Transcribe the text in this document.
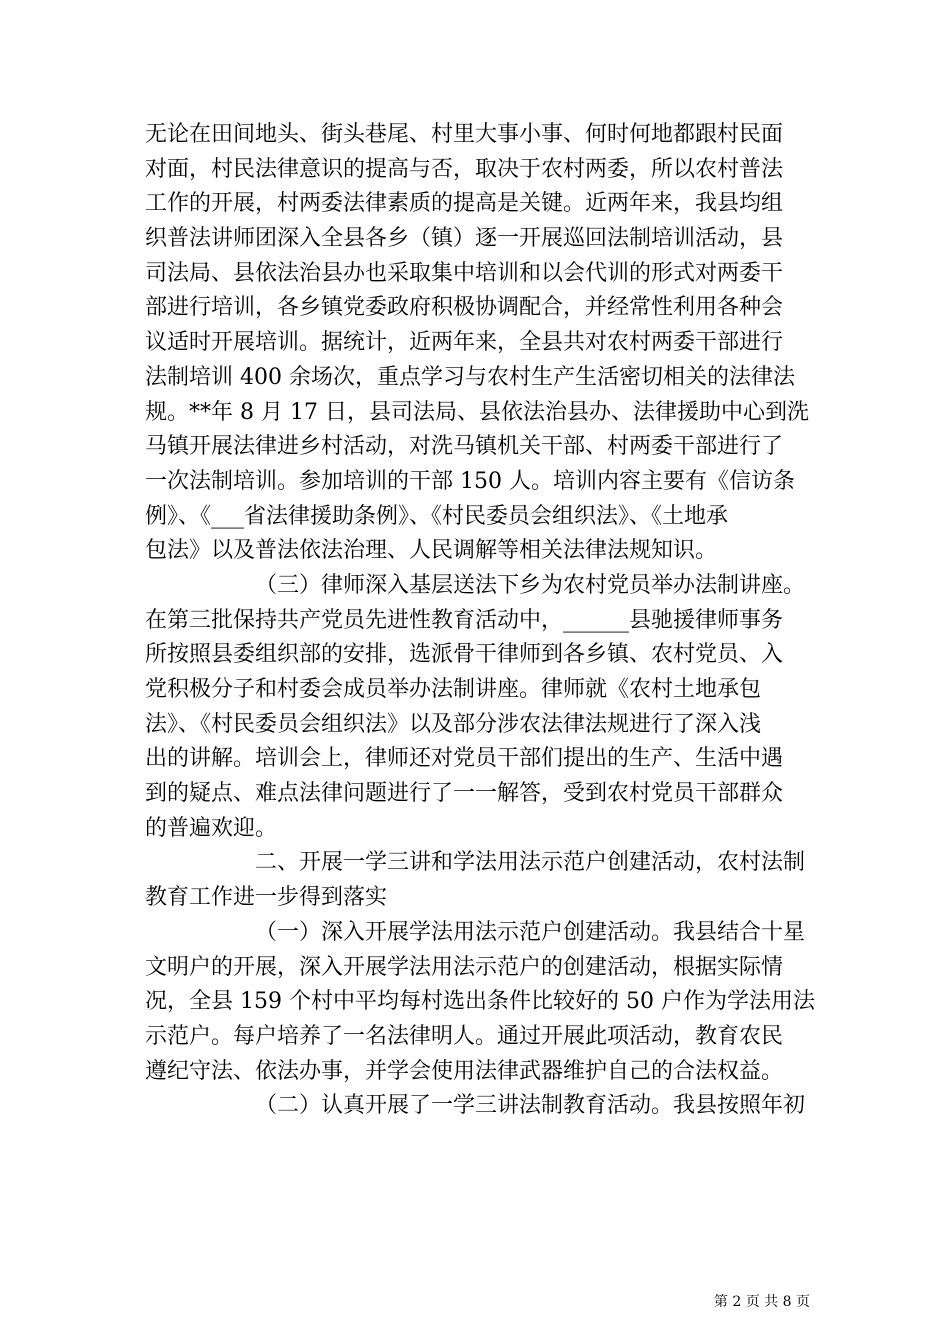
无论在田间地头、街头巷尾、村里大事小事、何时何地都跟村民面
对面，村民法律意识的提高与否，取决于农村两委，所以农村普法
工作的开展，村两委法律素质的提高是关键。近两年来，我县均组
织普法讲师团深入全县各乡（镇）逐一开展巡回法制培训活动，县
司法局、县依法治县办也采取集中培训和以会代训的形式对两委干
部进行培训，各乡镇党委政府积极协调配合，并经常性利用各种会
议适时开展培训。据统计，近两年来，全县共对农村两委干部进行
法制培训 400 余场次，重点学习与农村生产生活密切相关的法律法
规。**年 8 月 17 日，县司法局、县依法治县办、法律援助中心到洗
马镇开展法律进乡村活动，对洗马镇机关干部、村两委干部进行了
一次法制培训。参加培训的干部 150 人。培训内容主要有《信访条
例》、《___省法律援助条例》、《村民委员会组织法》、《土地承
包法》以及普法依法治理、人民调解等相关法律法规知识。
（三）律师深入基层送法下乡为农村党员举办法制讲座。
在第三批保持共产党员先进性教育活动中，______县驰援律师事务
所按照县委组织部的安排，选派骨干律师到各乡镇、农村党员、入
党积极分子和村委会成员举办法制讲座。律师就《农村土地承包
法》、《村民委员会组织法》以及部分涉农法律法规进行了深入浅
出的讲解。培训会上，律师还对党员干部们提出的生产、生活中遇
到的疑点、难点法律问题进行了一一解答，受到农村党员干部群众
的普遍欢迎。
二、开展一学三讲和学法用法示范户创建活动，农村法制
教育工作进一步得到落实
（一）深入开展学法用法示范户创建活动。我县结合十星
文明户的开展，深入开展学法用法示范户的创建活动，根据实际情
况，全县 159 个村中平均每村选出条件比较好的 50 户作为学法用法
示范户。每户培养了一名法律明人。通过开展此项活动，教育农民
遵纪守法、依法办事，并学会使用法律武器维护自己的合法权益。
（二）认真开展了一学三讲法制教育活动。我县按照年初
第 2 页 共 8 页
